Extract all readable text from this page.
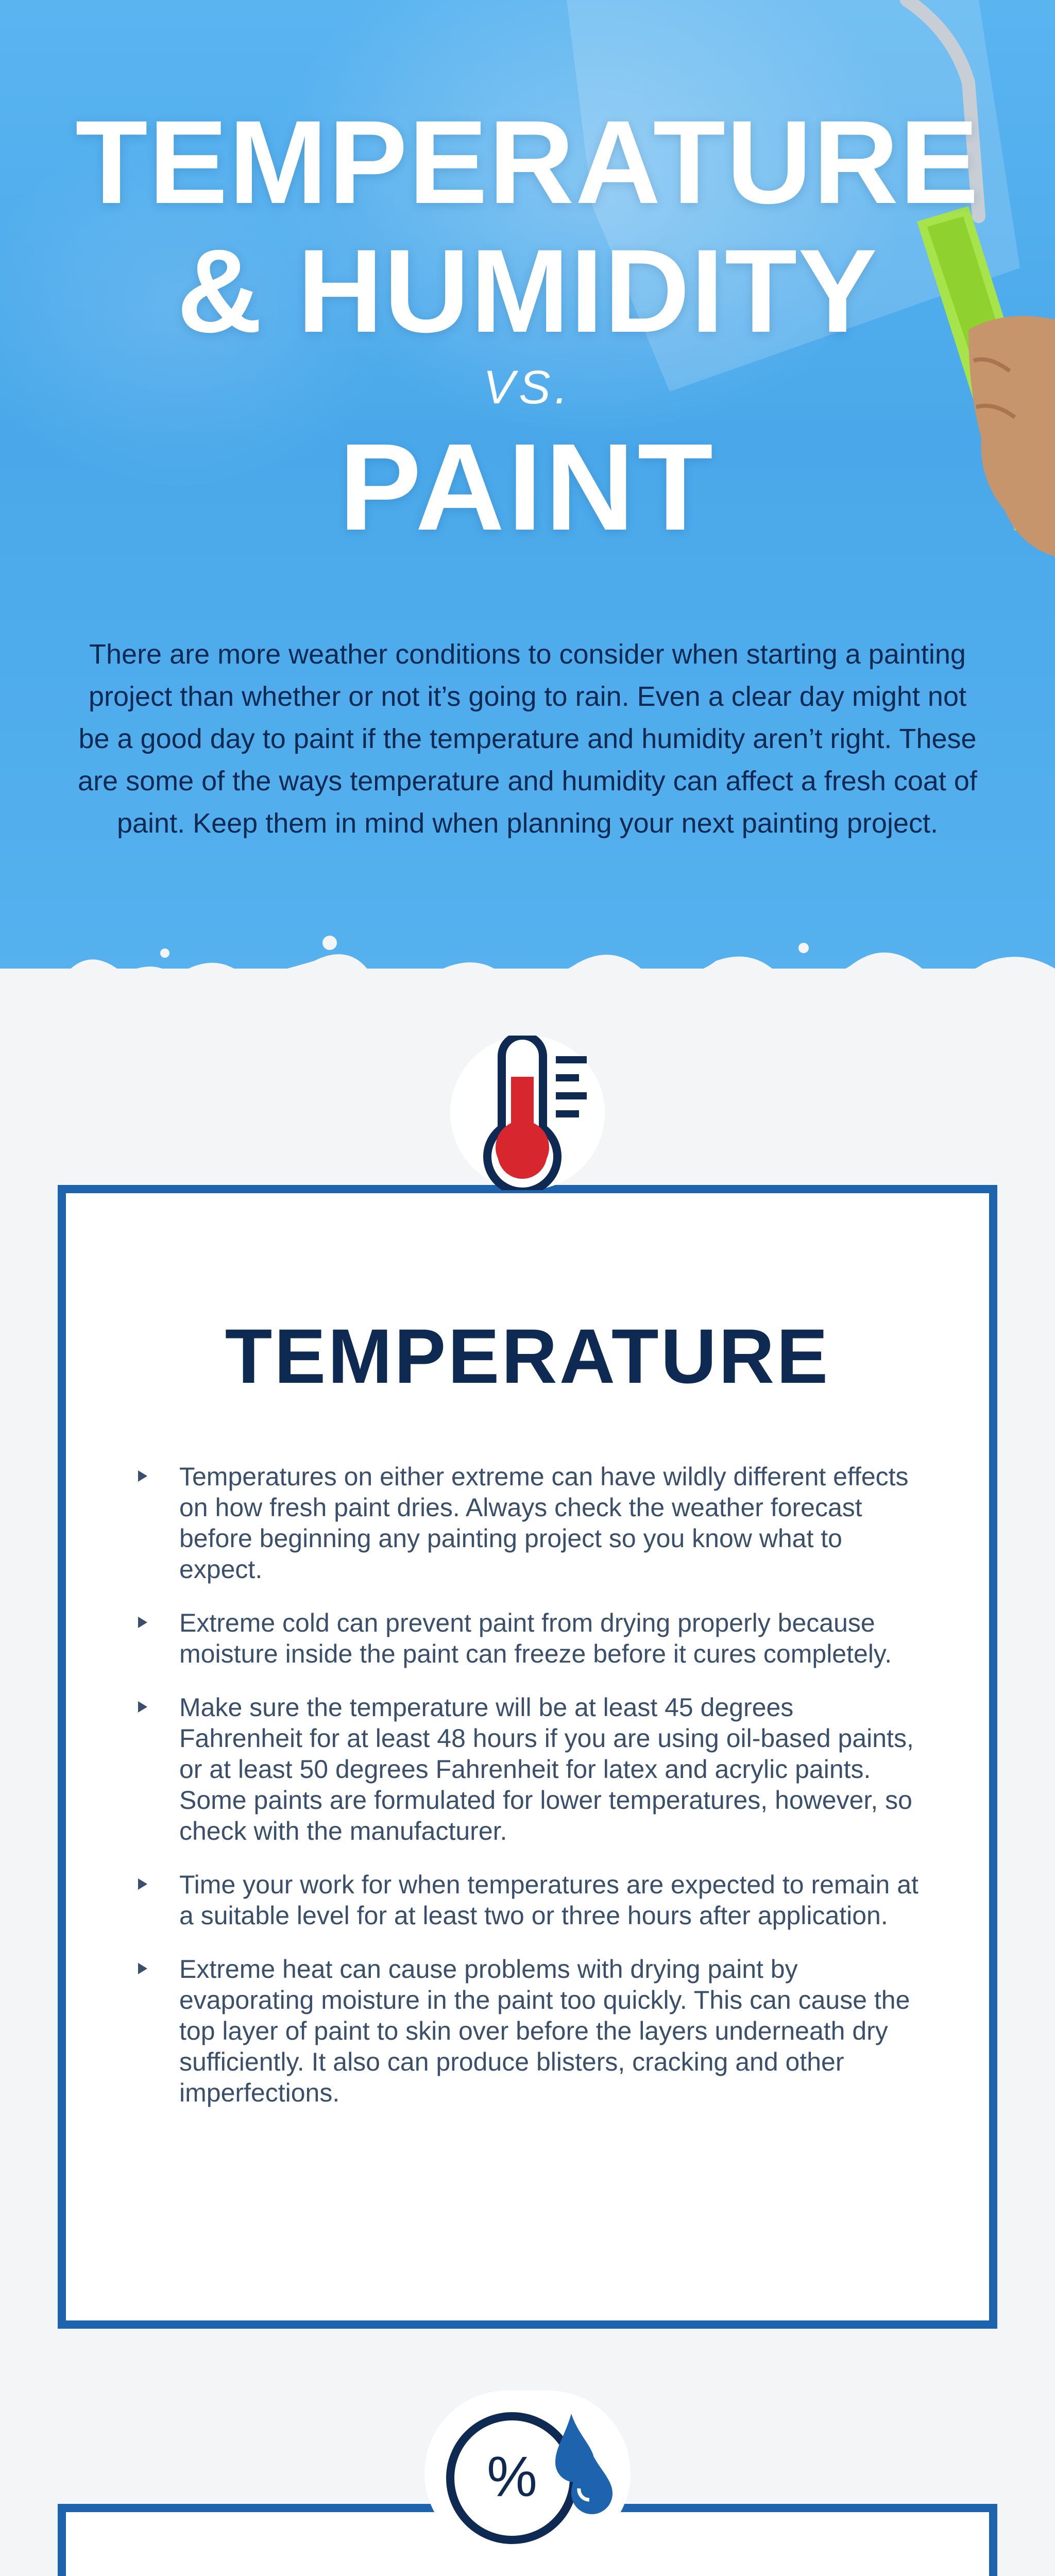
TEMPERATURE
& HUMIDITY
VS.
PAINT

There are more weather conditions to consider when starting a painting project than whether or not it’s going to rain. Even a clear day might not be a good day to paint if the temperature and humidity aren’t right. These are some of the ways temperature and humidity can affect a fresh coat of paint. Keep them in mind when planning your next painting project.

TEMPERATURE
Temperatures on either extreme can have wildly different effects on how fresh paint dries. Always check the weather forecast before beginning any painting project so you know what to expect.
Extreme cold can prevent paint from drying properly because moisture inside the paint can freeze before it cures completely.
Make sure the temperature will be at least 45 degrees Fahrenheit for at least 48 hours if you are using oil-based paints, or at least 50 degrees Fahrenheit for latex and acrylic paints. Some paints are formulated for lower temperatures, however, so check with the manufacturer.
Time your work for when temperatures are expected to remain at a suitable level for at least two or three hours after application.
Extreme heat can cause problems with drying paint by evaporating moisture in the paint too quickly. This can cause the top layer of paint to skin over before the layers underneath dry sufficiently. It also can produce blisters, cracking and other imperfections.
%
